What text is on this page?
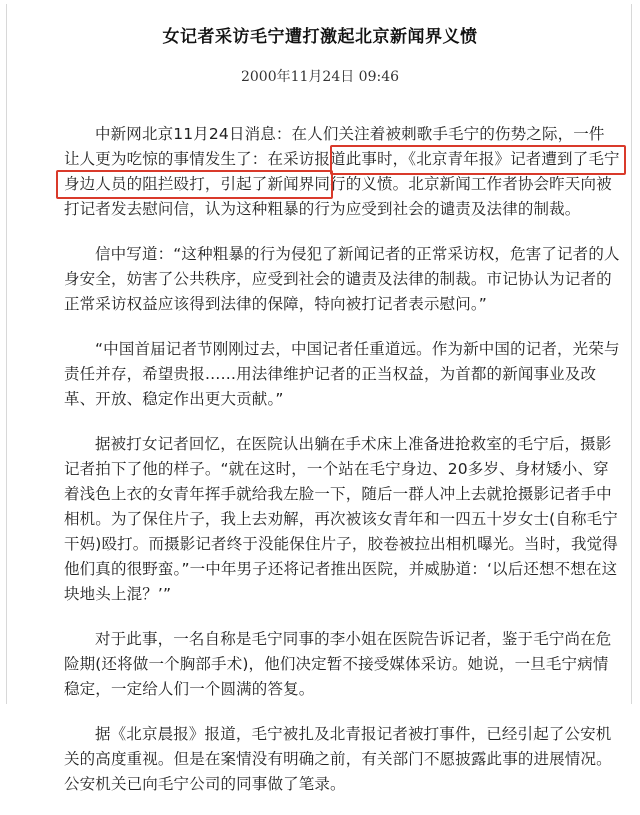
女记者采访毛宁遭打激起北京新闻界义愤
2000年11月24日 09:46

中新网北京11月24日消息：在人们关注着被刺歌手毛宁的伤势之际，一件让人更为吃惊的事情发生了：在采访报道此事时，《北京青年报》记者遭到了毛宁身边人员的阻拦殴打，引起了新闻界同行的义愤。北京新闻工作者协会昨天向被打记者发去慰问信，认为这种粗暴的行为应受到社会的谴责及法律的制裁。

信中写道：“这种粗暴的行为侵犯了新闻记者的正常采访权，危害了记者的人身安全，妨害了公共秩序，应受到社会的谴责及法律的制裁。市记协认为记者的正常采访权益应该得到法律的保障，特向被打记者表示慰问。”

“中国首届记者节刚刚过去，中国记者任重道远。作为新中国的记者，光荣与责任并存，希望贵报……用法律维护记者的正当权益，为首都的新闻事业及改革、开放、稳定作出更大贡献。”

据被打女记者回忆，在医院认出躺在手术床上准备进抢救室的毛宁后，摄影记者拍下了他的样子。“就在这时，一个站在毛宁身边、20多岁、身材矮小、穿着浅色上衣的女青年挥手就给我左脸一下，随后一群人冲上去就抢摄影记者手中相机。为了保住片子，我上去劝解，再次被该女青年和一四五十岁女士(自称毛宁干妈)殴打。而摄影记者终于没能保住片子，胶卷被拉出相机曝光。当时，我觉得他们真的很野蛮。”一中年男子还将记者推出医院，并威胁道：‘以后还想不想在这块地头上混？’”

对于此事，一名自称是毛宁同事的李小姐在医院告诉记者，鉴于毛宁尚在危险期(还将做一个胸部手术)，他们决定暂不接受媒体采访。她说，一旦毛宁病情稳定，一定给人们一个圆满的答复。

据《北京晨报》报道，毛宁被扎及北青报记者被打事件，已经引起了公安机关的高度重视。但是在案情没有明确之前，有关部门不愿披露此事的进展情况。公安机关已向毛宁公司的同事做了笔录。
